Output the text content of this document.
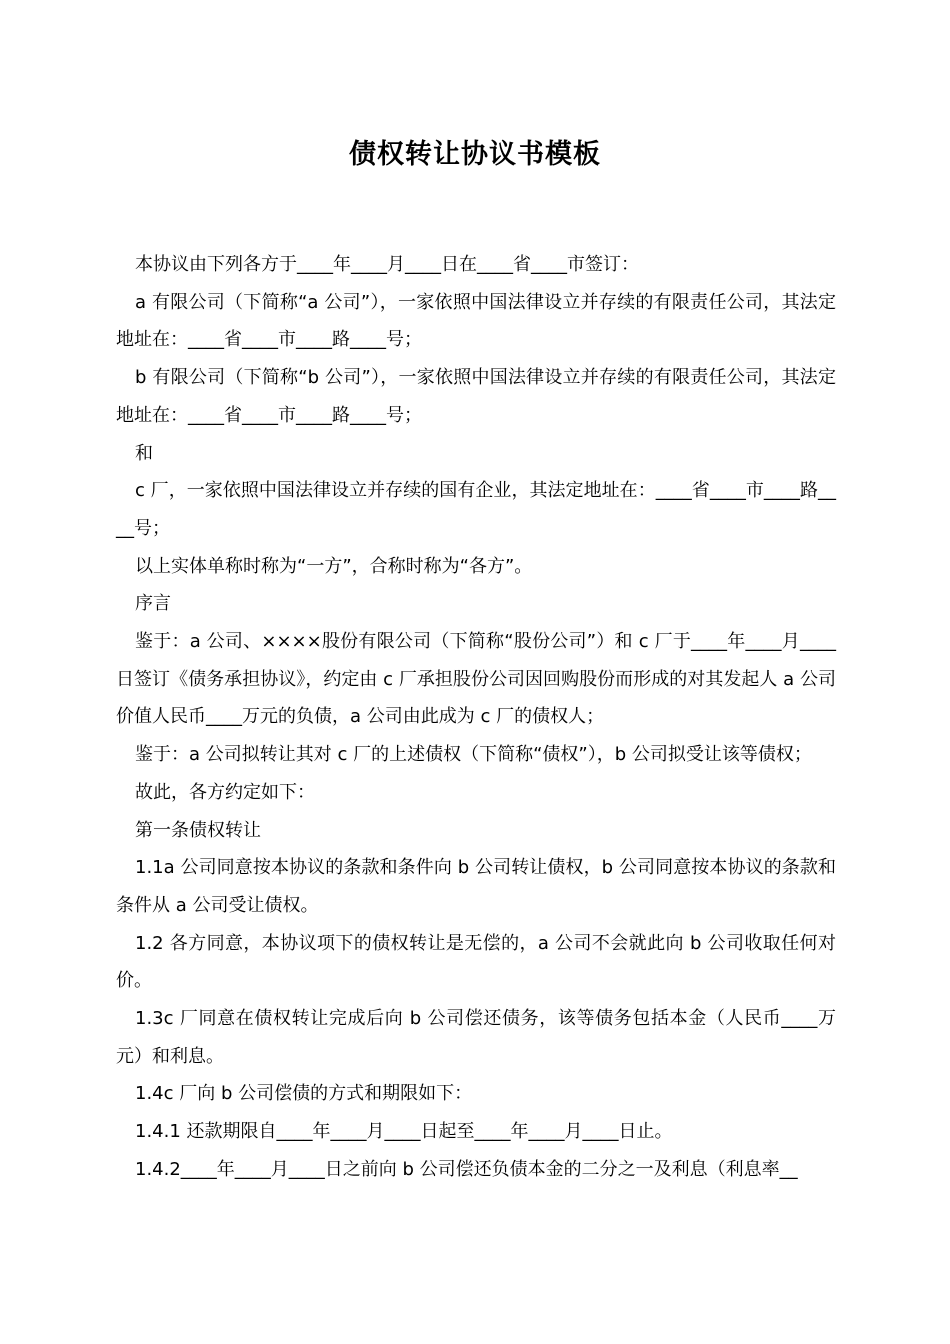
债权转让协议书模板

本协议由下列各方于____年____月____日在____省____市签订：

a 有限公司（下简称“a 公司”），一家依照中国法律设立并存续的有限责任公司，其法定地址在：____省____市____路____号；

b 有限公司（下简称“b 公司”），一家依照中国法律设立并存续的有限责任公司，其法定地址在：____省____市____路____号；

和

c 厂，一家依照中国法律设立并存续的国有企业，其法定地址在：____省____市____路____号；

以上实体单称时称为“一方”，合称时称为“各方”。

序言

鉴于：a 公司、××××股份有限公司（下简称“股份公司”）和 c 厂于____年____月____日签订《债务承担协议》，约定由 c 厂承担股份公司因回购股份而形成的对其发起人 a 公司价值人民币____万元的负债，a 公司由此成为 c 厂的债权人；

鉴于：a 公司拟转让其对 c 厂的上述债权（下简称“债权”），b 公司拟受让该等债权；

故此，各方约定如下：

第一条债权转让

1.1a 公司同意按本协议的条款和条件向 b 公司转让债权，b 公司同意按本协议的条款和条件从 a 公司受让债权。

1.2 各方同意，本协议项下的债权转让是无偿的，a 公司不会就此向 b 公司收取任何对价。

1.3c 厂同意在债权转让完成后向 b 公司偿还债务，该等债务包括本金（人民币____万元）和利息。

1.4c 厂向 b 公司偿债的方式和期限如下：

1.4.1 还款期限自____年____月____日起至____年____月____日止。

1.4.2____年____月____日之前向 b 公司偿还负债本金的二分之一及利息（利息率__
